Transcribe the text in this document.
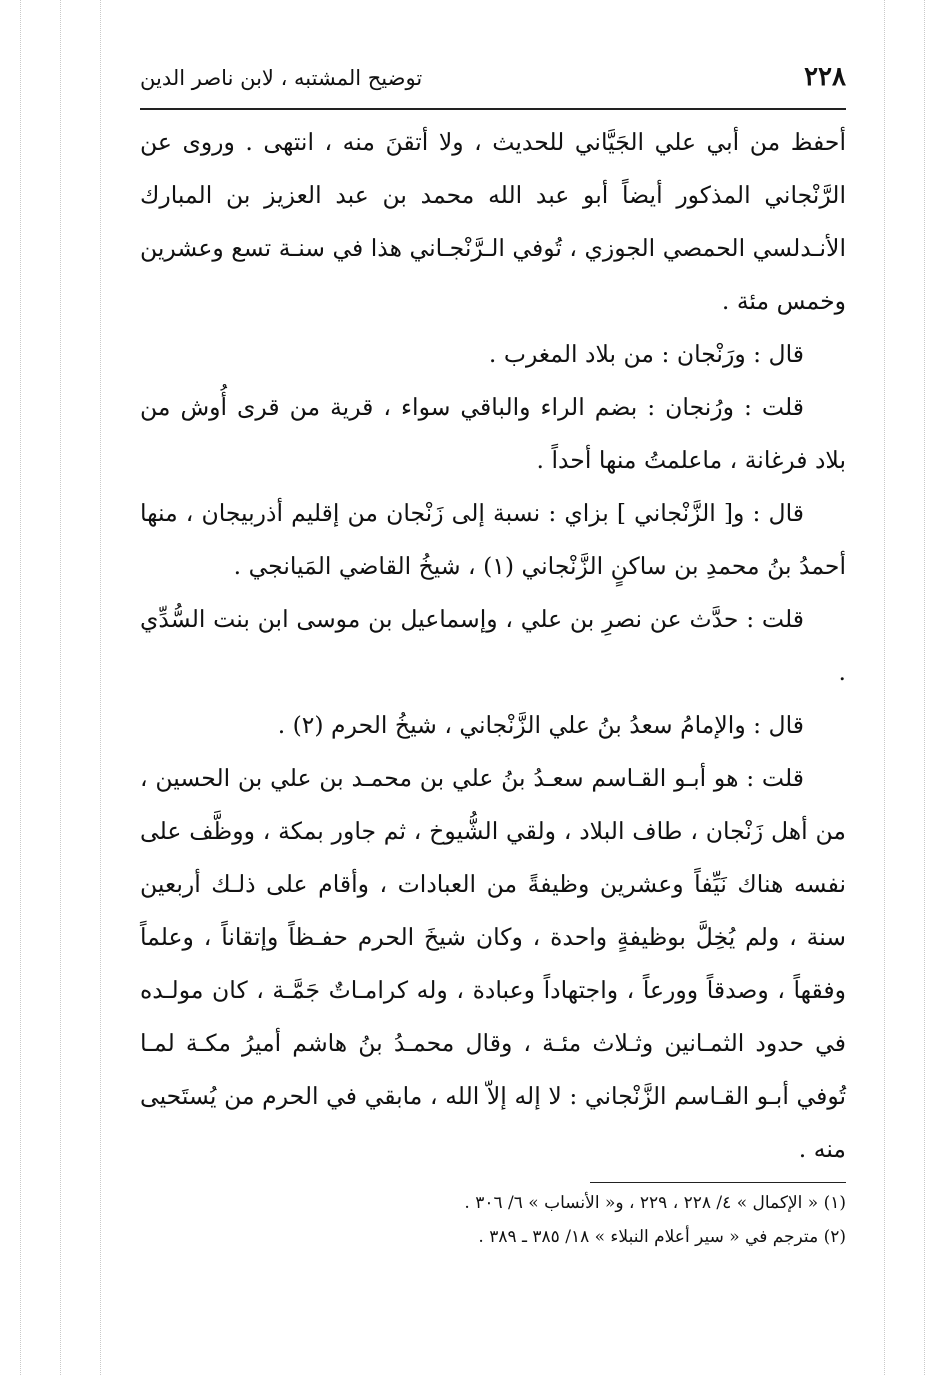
٢٢٨
توضيح المشتبه ، لابن ناصر الدين

أحفظ من أبي علي الجَيَّاني للحديث ، ولا أتقنَ منه ، انتهى . وروى عن الرَّنْجاني المذكور أيضاً أبو عبد الله محمد بن عبد العزيز بن المبارك الأنـدلسي الحمصي الجوزي ، تُوفي الـرَّنْجـاني هذا في سنـة تسع وعشرين وخمس مئة .

قال : ورَنْجان : من بلاد المغرب .

قلت : ورُنجان : بضم الراء والباقي سواء ، قرية من قرى أُوش من بلاد فرغانة ، ماعلمتُ منها أحداً .

قال : و[ الزَّنْجاني ] بزاي : نسبة إلى زَنْجان من إقليم أذربيجان ، منها أحمدُ بنُ محمدِ بن ساكنٍ الزَّنْجاني (١) ، شيخُ القاضي المَيانجي .

قلت : حدَّث عن نصرِ بن علي ، وإسماعيل بن موسى ابن بنت السُّدِّي .

قال : والإمامُ سعدُ بنُ علي الزَّنْجاني ، شيخُ الحرم (٢) .

قلت : هو أبـو القـاسم سعـدُ بنُ علي بن محمـد بن علي بن الحسين ، من أهل زَنْجان ، طاف البلاد ، ولقي الشُّيوخ ، ثم جاور بمكة ، ووظَّف على نفسه هناك نَيِّفاً وعشرين وظيفةً من العبادات ، وأقام على ذلـك أربعين سنة ، ولم يُخِلَّ بوظيفةٍ واحدة ، وكان شيخَ الحرم حفـظاً وإتقاناً ، وعلماً وفقهاً ، وصدقاً وورعاً ، واجتهاداً وعبادة ، وله كرامـاتٌ جَمَّـة ، كان مولـده في حدود الثمـانين وثـلاث مئـة ، وقال محمـدُ بنُ هاشم أميرُ مكـة لمـا تُوفي أبـو القـاسم الزَّنْجاني : لا إله إلاّ الله ، مابقي في الحرم من يُستَحيى منه .

(١) « الإكمال » ٤/ ٢٢٨ ، ٢٢٩ ، و« الأنساب » ٦/ ٣٠٦ .

(٢) مترجم في « سير أعلام النبلاء » ١٨/ ٣٨٥ ـ ٣٨٩ .
